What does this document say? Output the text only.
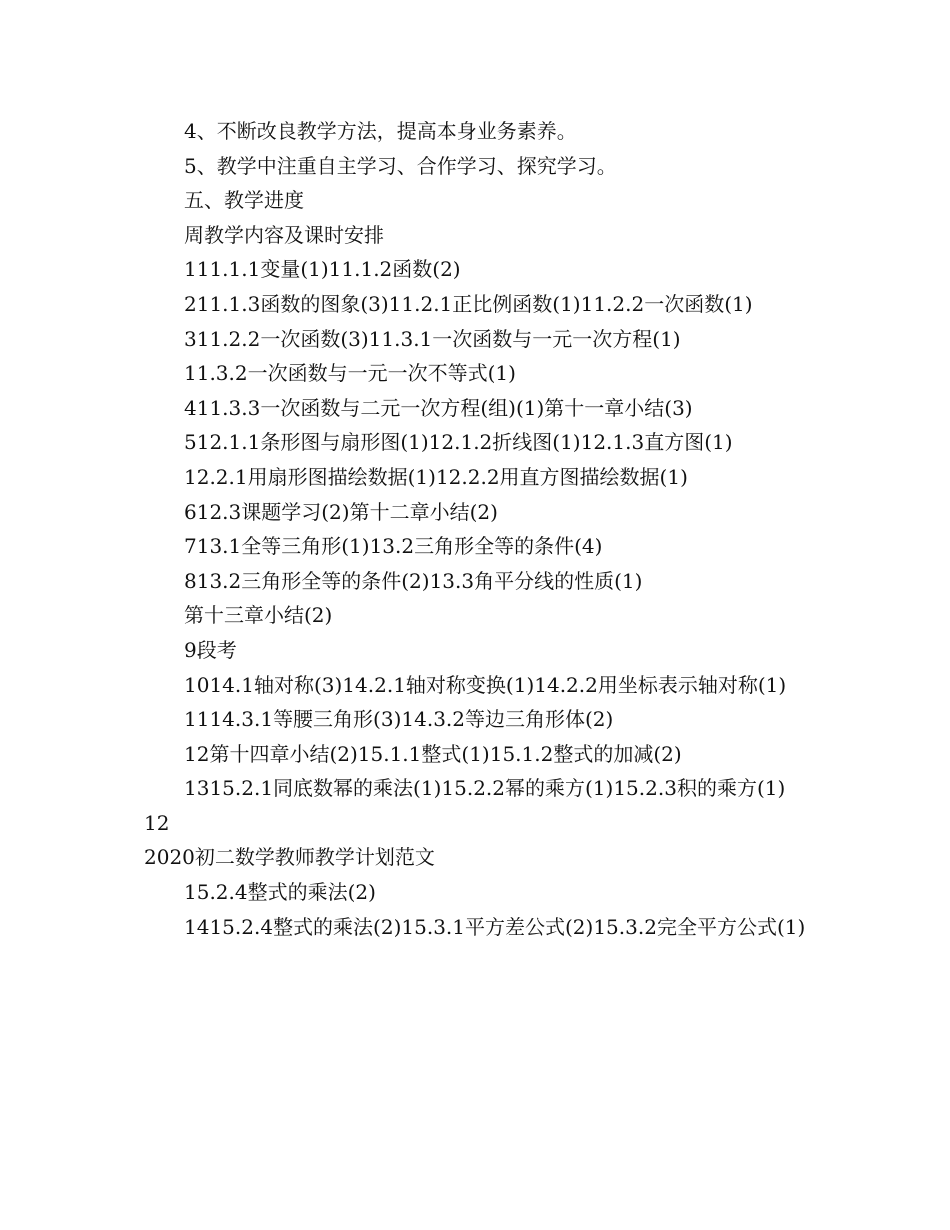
4、不断改良教学方法，提高本身业务素养。

5、教学中注重自主学习、合作学习、探究学习。

五、教学进度

周教学内容及课时安排

111.1.1变量(1)11.1.2函数(2)

211.1.3函数的图象(3)11.2.1正比例函数(1)11.2.2一次函数(1)

311.2.2一次函数(3)11.3.1一次函数与一元一次方程(1)

11.3.2一次函数与一元一次不等式(1)

411.3.3一次函数与二元一次方程(组)(1)第十一章小结(3)

512.1.1条形图与扇形图(1)12.1.2折线图(1)12.1.3直方图(1)

12.2.1用扇形图描绘数据(1)12.2.2用直方图描绘数据(1)

612.3课题学习(2)第十二章小结(2)

713.1全等三角形(1)13.2三角形全等的条件(4)

813.2三角形全等的条件(2)13.3角平分线的性质(1)

第十三章小结(2)

9段考

1014.1轴对称(3)14.2.1轴对称变换(1)14.2.2用坐标表示轴对称(1)

1114.3.1等腰三角形(3)14.3.2等边三角形体(2)

12第十四章小结(2)15.1.1整式(1)15.1.2整式的加减(2)

1315.2.1同底数幂的乘法(1)15.2.2幂的乘方(1)15.2.3积的乘方(1)

12

2020初二数学教师教学计划范文

15.2.4整式的乘法(2)

1415.2.4整式的乘法(2)15.3.1平方差公式(2)15.3.2完全平方公式(1)
